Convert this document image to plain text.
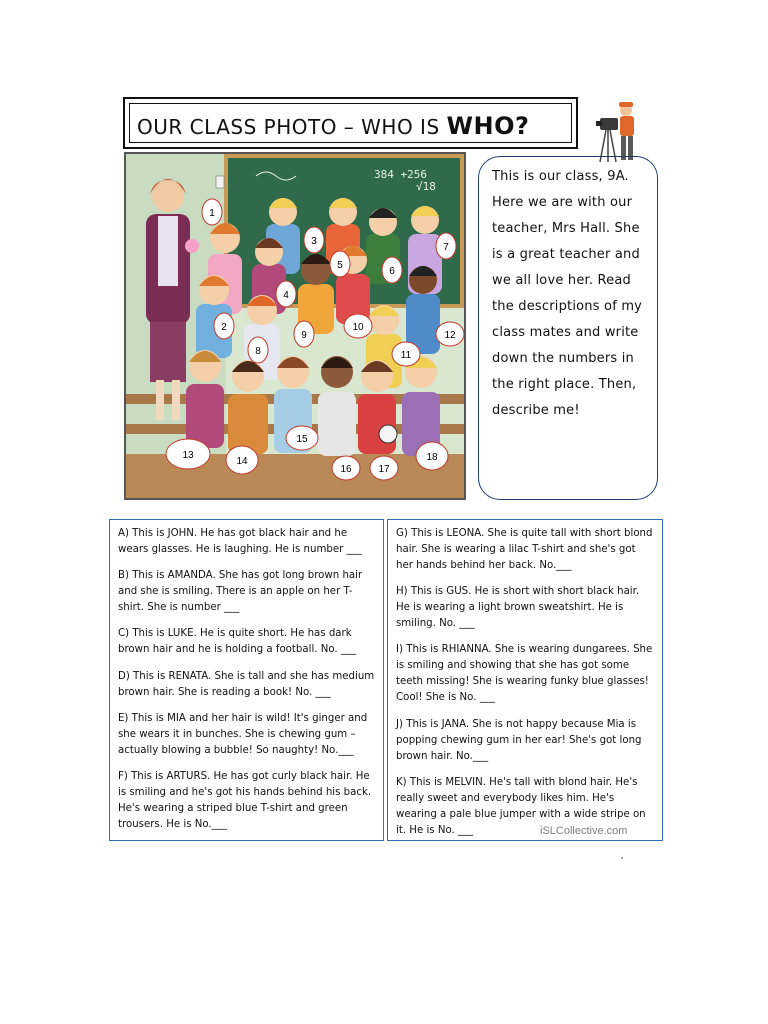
OUR CLASS PHOTO – WHO IS WHO?
384 +256
√18
1
2
3
4
5
6
7
8
9
10
11
12
13
14
15
16	17
18
This is our class, 9A. Here we are with our teacher, Mrs Hall. She is a great teacher and we all love her. Read the descriptions of my class mates and write down the numbers in the right place. Then, describe me!

A) This is JOHN. He has got black hair and he wears glasses. He is laughing. He is number ___

B) This is AMANDA. She has got long brown hair and she is smiling. There is an apple on her T-shirt. She is number ___

C) This is LUKE. He is quite short. He has dark brown hair and he is holding a football. No. ___

D) This is RENATA. She is tall and she has medium brown hair. She is reading a book! No. ___

E) This is MIA and her hair is wild! It's ginger and she wears it in bunches. She is chewing gum – actually blowing a bubble! So naughty! No.___

F) This is ARTURS. He has got curly black hair. He is smiling and he's got his hands behind his back. He's wearing a striped blue T-shirt and green trousers. He is No.___

G) This is LEONA. She is quite tall with short blond hair. She is wearing a lilac T-shirt and she's got her hands behind her back. No.___

H) This is GUS. He is short with short black hair. He is wearing a light brown sweatshirt. He is smiling. No. ___

I) This is RHIANNA. She is wearing dungarees. She is smiling and showing that she has got some teeth missing! She is wearing funky blue glasses! Cool! She is No. ___

J) This is JANA. She is not happy because Mia is popping chewing gum in her ear! She's got long brown hair. No.___

K) This is MELVIN. He's tall with blond hair. He's really sweet and everybody likes him. He's wearing a pale blue jumper with a wide stripe on it. He is No. ___	iSLCollective.com
